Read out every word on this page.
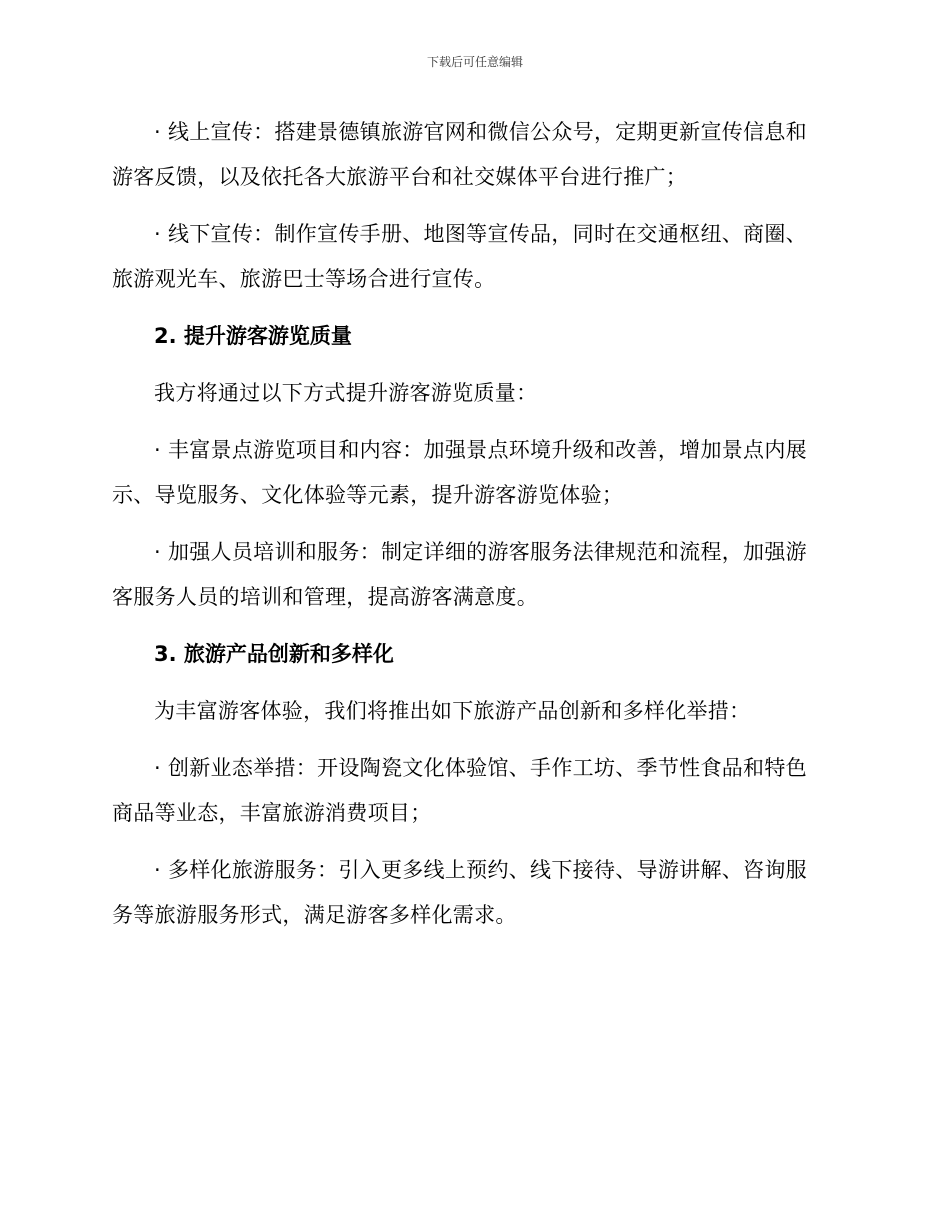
下载后可任意编辑

· 线上宣传：搭建景德镇旅游官网和微信公众号，定期更新宣传信息和游客反馈，以及依托各大旅游平台和社交媒体平台进行推广；

· 线下宣传：制作宣传手册、地图等宣传品，同时在交通枢纽、商圈、旅游观光车、旅游巴士等场合进行宣传。

2. 提升游客游览质量

我方将通过以下方式提升游客游览质量：

· 丰富景点游览项目和内容：加强景点环境升级和改善，增加景点内展示、导览服务、文化体验等元素，提升游客游览体验；

· 加强人员培训和服务：制定详细的游客服务法律规范和流程，加强游客服务人员的培训和管理，提高游客满意度。

3. 旅游产品创新和多样化

为丰富游客体验，我们将推出如下旅游产品创新和多样化举措：

· 创新业态举措：开设陶瓷文化体验馆、手作工坊、季节性食品和特色商品等业态，丰富旅游消费项目；

· 多样化旅游服务：引入更多线上预约、线下接待、导游讲解、咨询服务等旅游服务形式，满足游客多样化需求。
